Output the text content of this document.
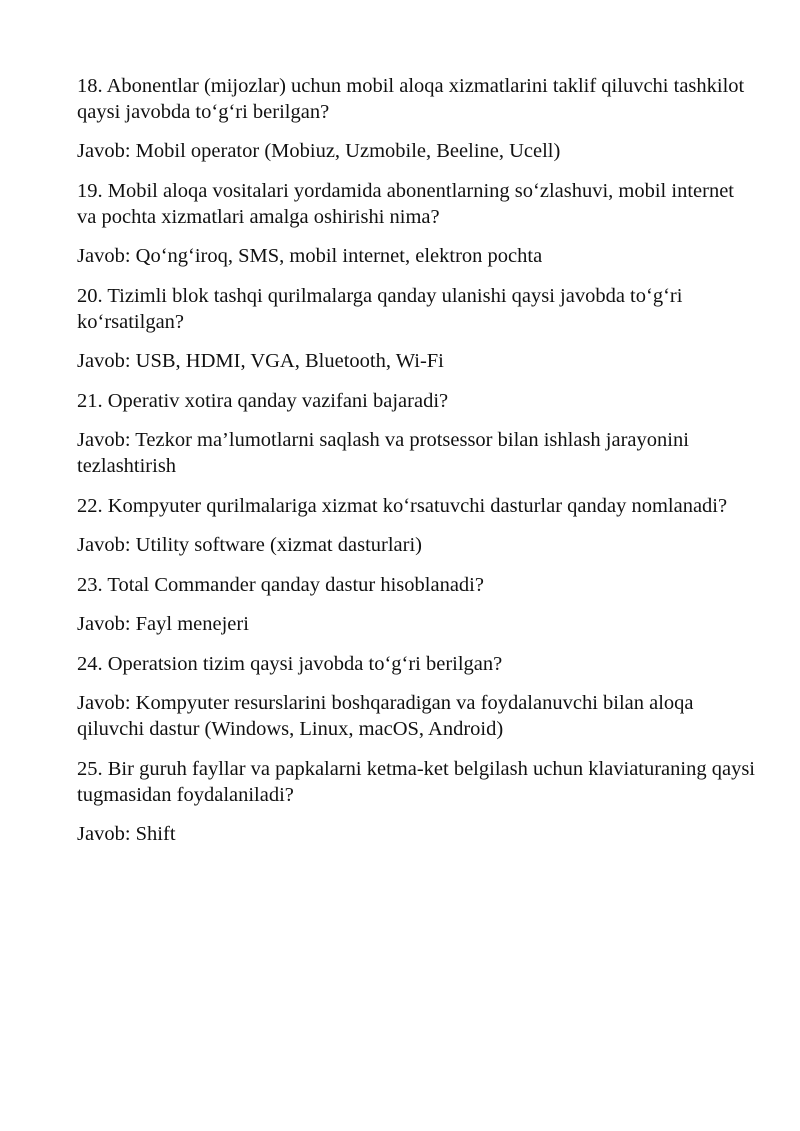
18. Abonentlar (mijozlar) uchun mobil aloqa xizmatlarini taklif qiluvchi tashkilot qaysi javobda to‘g‘ri berilgan?

Javob: Mobil operator (Mobiuz, Uzmobile, Beeline, Ucell)

19. Mobil aloqa vositalari yordamida abonentlarning so‘zlashuvi, mobil internet va pochta xizmatlari amalga oshirishi nima?

Javob: Qo‘ng‘iroq, SMS, mobil internet, elektron pochta

20. Tizimli blok tashqi qurilmalarga qanday ulanishi qaysi javobda to‘g‘ri ko‘rsatilgan?

Javob: USB, HDMI, VGA, Bluetooth, Wi-Fi

21. Operativ xotira qanday vazifani bajaradi?

Javob: Tezkor ma’lumotlarni saqlash va protsessor bilan ishlash jarayonini tezlashtirish

22. Kompyuter qurilmalariga xizmat ko‘rsatuvchi dasturlar qanday nomlanadi?

Javob: Utility software (xizmat dasturlari)

23. Total Commander qanday dastur hisoblanadi?

Javob: Fayl menejeri

24. Operatsion tizim qaysi javobda to‘g‘ri berilgan?

Javob: Kompyuter resurslarini boshqaradigan va foydalanuvchi bilan aloqa qiluvchi dastur (Windows, Linux, macOS, Android)

25. Bir guruh fayllar va papkalarni ketma-ket belgilash uchun klaviaturaning qaysi tugmasidan foydalaniladi?

Javob: Shift
